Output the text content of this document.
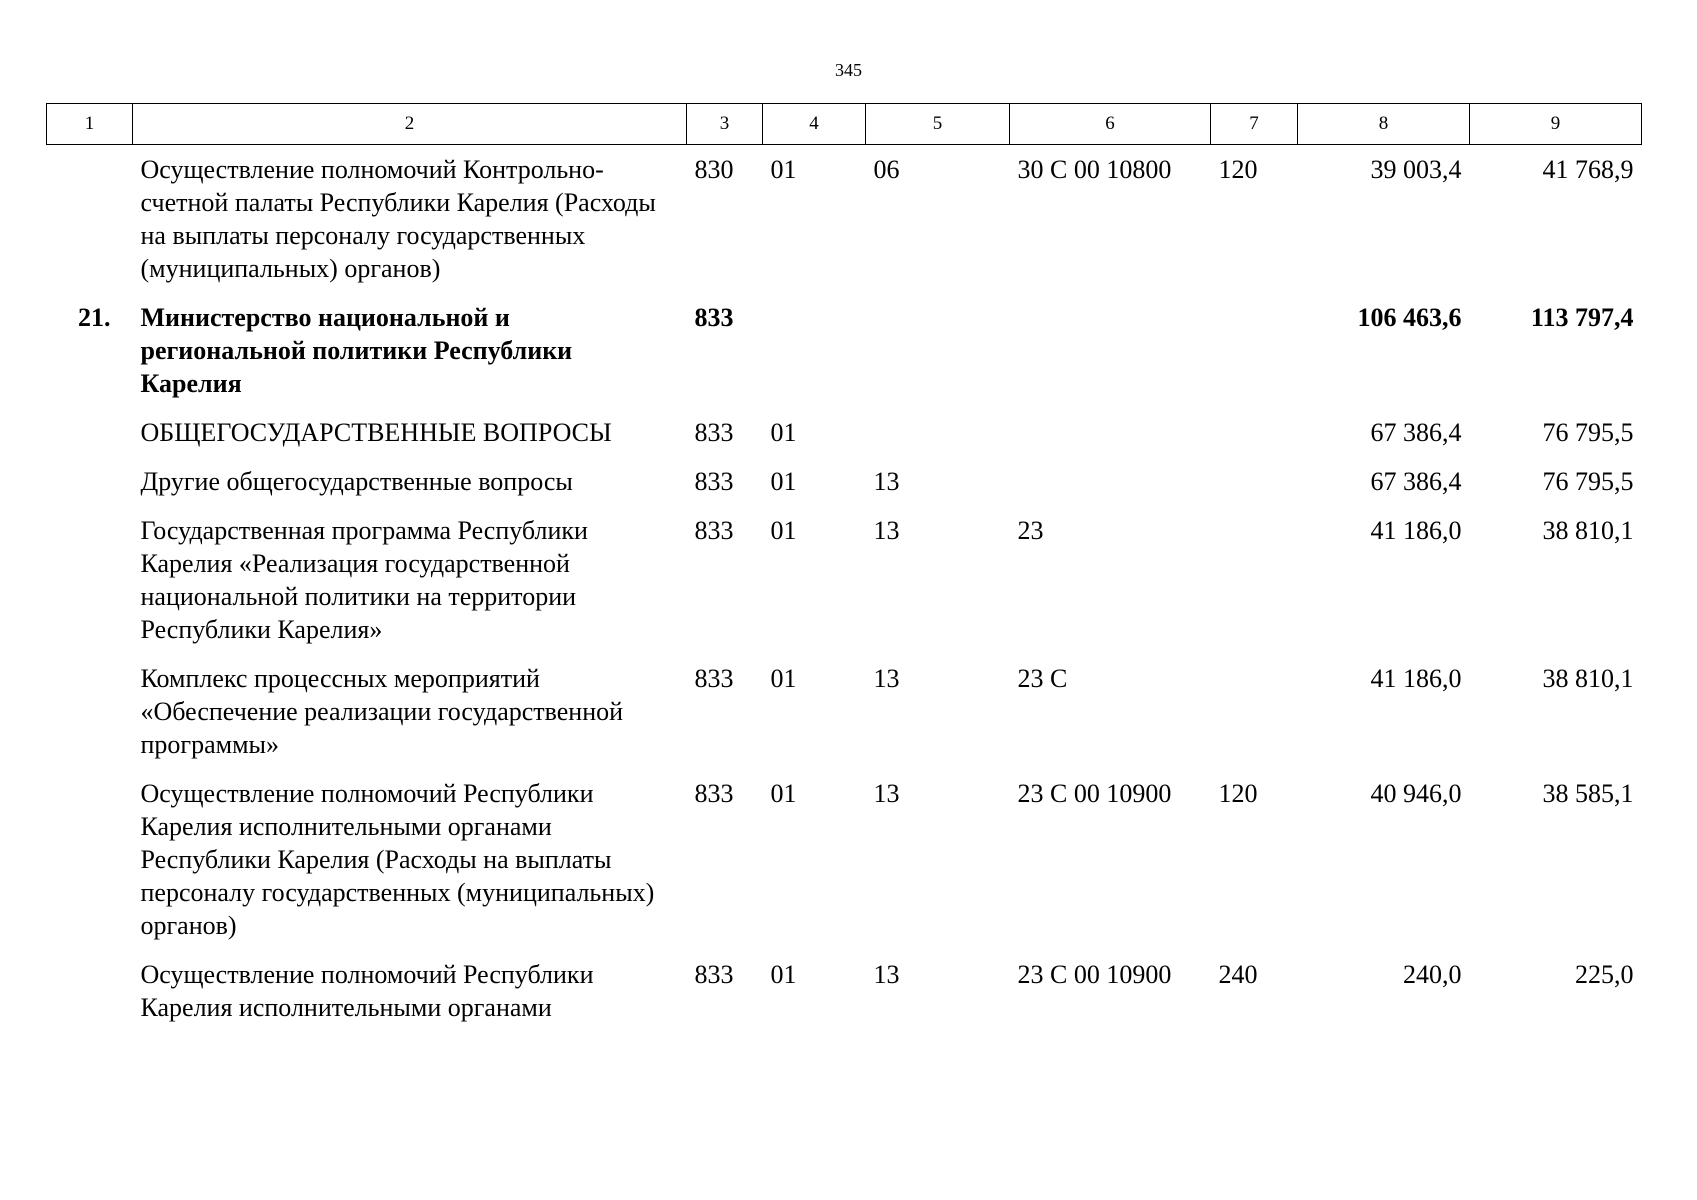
345
1	2	3	4	5	6	7	8	9
	Осуществление полномочий Контрольно-счетной палаты Республики Карелия (Расходы на выплаты персоналу государственных (муниципальных) органов)	830	01	06	30 С 00 10800	120	39 003,4	41 768,9
21.	Министерство национальной и региональной политики Республики Карелия	833					106 463,6	113 797,4
	ОБЩЕГОСУДАРСТВЕННЫЕ ВОПРОСЫ	833	01				67 386,4	76 795,5
	Другие общегосударственные вопросы	833	01	13			67 386,4	76 795,5
	Государственная программа Республики Карелия «Реализация государственной национальной политики на территории Республики Карелия»	833	01	13	23		41 186,0	38 810,1
	Комплекс процессных мероприятий «Обеспечение реализации государственной программы»	833	01	13	23 С		41 186,0	38 810,1
	Осуществление полномочий Республики Карелия исполнительными органами Республики Карелия (Расходы на выплаты персоналу государственных (муниципальных) органов)	833	01	13	23 С 00 10900	120	40 946,0	38 585,1
	Осуществление полномочий Республики Карелия исполнительными органами	833	01	13	23 С 00 10900	240	240,0	225,0
